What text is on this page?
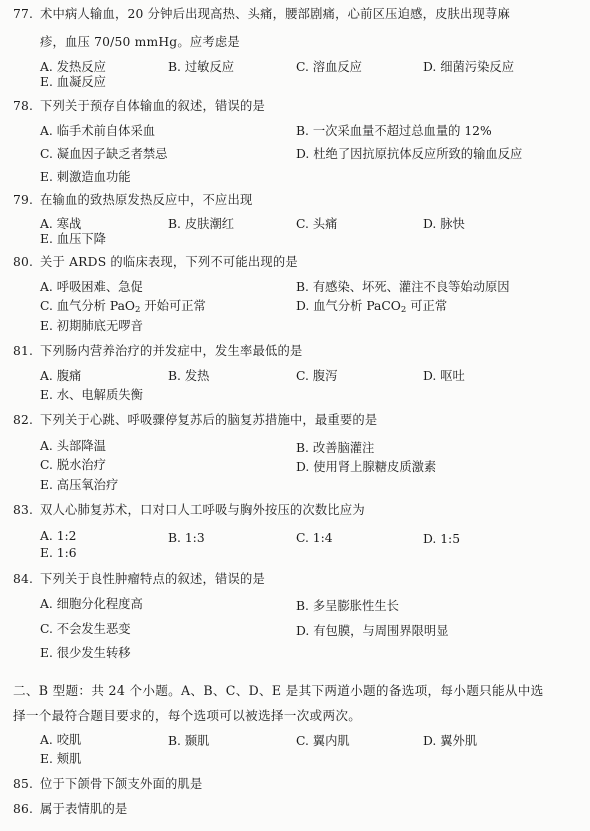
77. 术中病人输血，20 分钟后出现高热、头痛，腰部剧痛，心前区压迫感，皮肤出现荨麻
疹，血压 70/50 mmHg。应考虑是
A. 发热反应	B. 过敏反应	C. 溶血反应	D. 细菌污染反应
E. 血凝反应
78. 下列关于预存自体输血的叙述，错误的是
A. 临手术前自体采血	B. 一次采血量不超过总血量的 12%
C. 凝血因子缺乏者禁忌	D. 杜绝了因抗原抗体反应所致的输血反应
E. 刺激造血功能
79. 在输血的致热原发热反应中，不应出现
A. 寒战	B. 皮肤潮红	C. 头痛	D. 脉快
E. 血压下降
80. 关于 ARDS 的临床表现，下列不可能出现的是
A. 呼吸困难、急促	B. 有感染、坏死、灌注不良等始动原因
C. 血气分析 PaO$_2$ 开始可正常	D. 血气分析 PaCO$_2$ 可正常
E. 初期肺底无啰音
81. 下列肠内营养治疗的并发症中，发生率最低的是
A. 腹痛	B. 发热	C. 腹泻	D. 呕吐
E. 水、电解质失衡
82. 下列关于心跳、呼吸骤停复苏后的脑复苏措施中，最重要的是
A. 头部降温	B. 改善脑灌注
C. 脱水治疗	D. 使用肾上腺糖皮质激素
E. 高压氧治疗
83. 双人心肺复苏术，口对口人工呼吸与胸外按压的次数比应为
A. 1:2	B. 1:3	C. 1:4	D. 1:5
E. 1:6
84. 下列关于良性肿瘤特点的叙述，错误的是
A. 细胞分化程度高	B. 多呈膨胀性生长
C. 不会发生恶变	D. 有包膜，与周围界限明显
E. 很少发生转移
二、B 型题：共 24 个小题。A、B、C、D、E 是其下两道小题的备选项，每小题只能从中选
择一个最符合题目要求的，每个选项可以被选择一次或两次。
A. 咬肌	B. 颞肌	C. 翼内肌	D. 翼外肌
E. 颊肌
85. 位于下颌骨下颌支外面的肌是
86. 属于表情肌的是
